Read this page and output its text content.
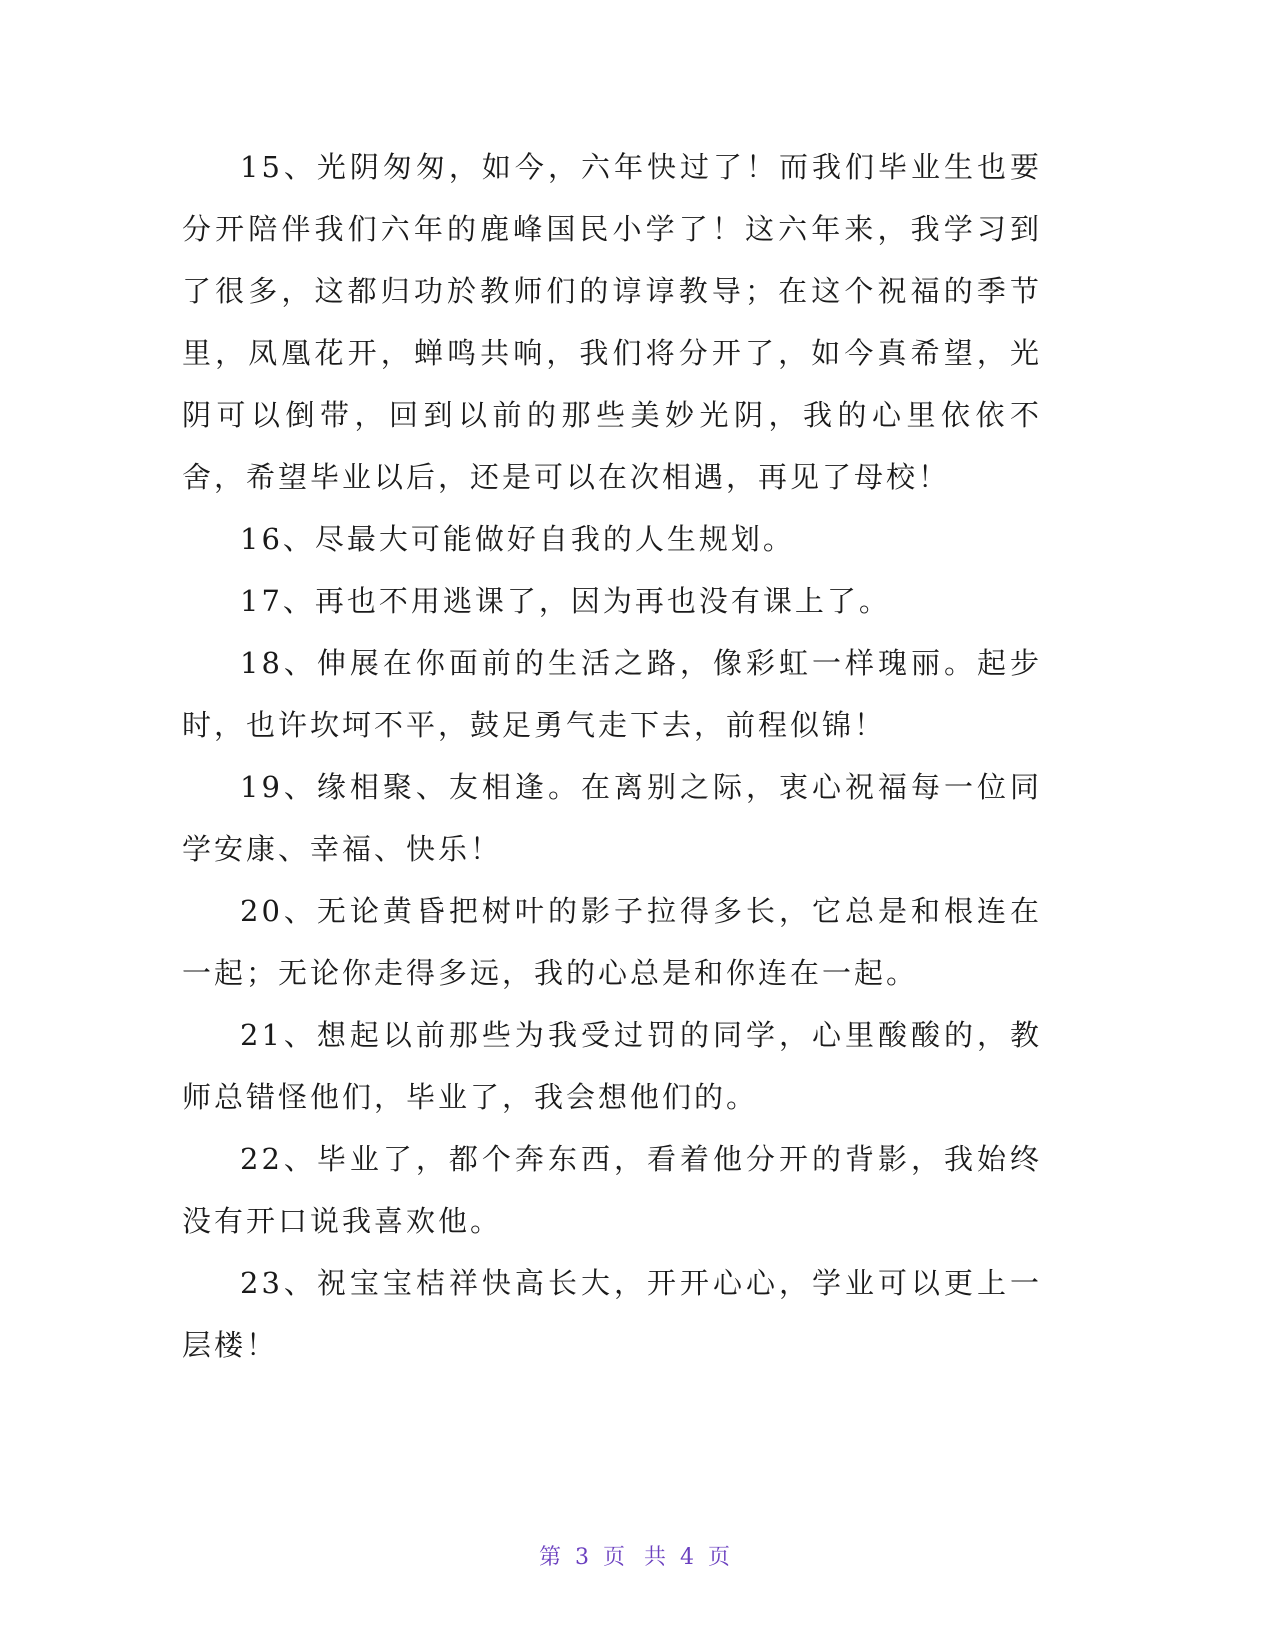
15、光阴匆匆，如今，六年快过了！而我们毕业生也要分开陪伴我们六年的鹿峰国民小学了！这六年来，我学习到了很多，这都归功於教师们的谆谆教导；在这个祝福的季节里，凤凰花开，蝉鸣共响，我们将分开了，如今真希望，光阴可以倒带，回到以前的那些美妙光阴，我的心里依依不舍，希望毕业以后，还是可以在次相遇，再见了母校！

16、尽最大可能做好自我的人生规划。

17、再也不用逃课了，因为再也没有课上了。

18、伸展在你面前的生活之路，像彩虹一样瑰丽。起步时，也许坎坷不平，鼓足勇气走下去，前程似锦！

19、缘相聚、友相逢。在离别之际，衷心祝福每一位同学安康、幸福、快乐！

20、无论黄昏把树叶的影子拉得多长，它总是和根连在一起；无论你走得多远，我的心总是和你连在一起。

21、想起以前那些为我受过罚的同学，心里酸酸的，教师总错怪他们，毕业了，我会想他们的。

22、毕业了，都个奔东西，看着他分开的背影，我始终没有开口说我喜欢他。

23、祝宝宝桔祥快高长大，开开心心，学业可以更上一层楼！

第 3 页 共 4 页
